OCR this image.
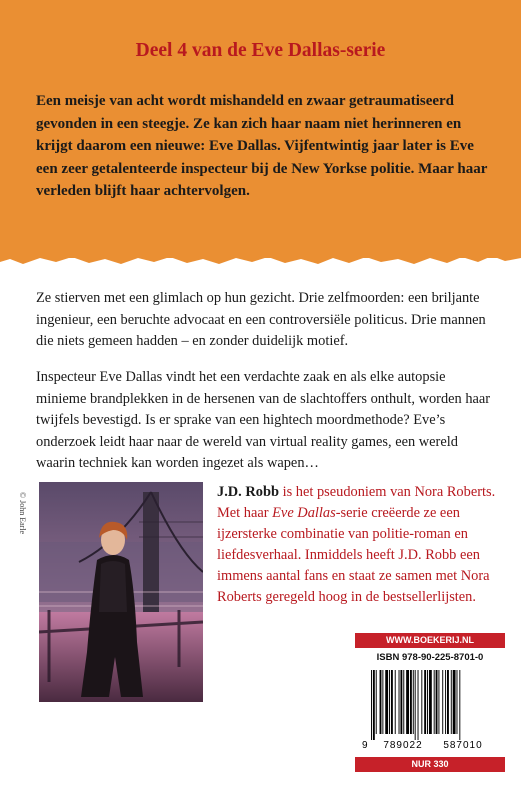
Deel 4 van de Eve Dallas-serie

Een meisje van acht wordt mishandeld en zwaar getraumatiseerd gevonden in een steegje. Ze kan zich haar naam niet herinneren en krijgt daarom een nieuwe: Eve Dallas. Vijfentwintig jaar later is Eve een zeer getalenteerde inspecteur bij de New Yorkse politie. Maar haar verleden blijft haar achtervolgen.

Ze stierven met een glimlach op hun gezicht. Drie zelfmoorden: een briljante ingenieur, een beruchte advocaat en een controversiële politicus. Drie mannen die niets gemeen hadden – en zonder duidelijk motief.

Inspecteur Eve Dallas vindt het een verdachte zaak en als elke autopsie minieme brandplekken in de hersenen van de slachtoffers onthult, worden haar twijfels bevestigd. Is er sprake van een hightech moordmethode? Eve’s onderzoek leidt haar naar de wereld van virtual reality games, een wereld waarin techniek kan worden ingezet als wapen…

© John Earle	J.D. Robb is het pseudoniem van Nora Roberts. Met haar Eve Dallas-serie creëerde ze een ijzersterke combinatie van politie-roman en liefdesverhaal. Inmiddels heeft J.D. Robb een immens aantal fans en staat ze samen met Nora Roberts geregeld hoog in de bestsellerlijsten.

WWW.BOEKERIJ.NL
ISBN 978-90-225-8701-0
9 789022 587010
NUR 330
